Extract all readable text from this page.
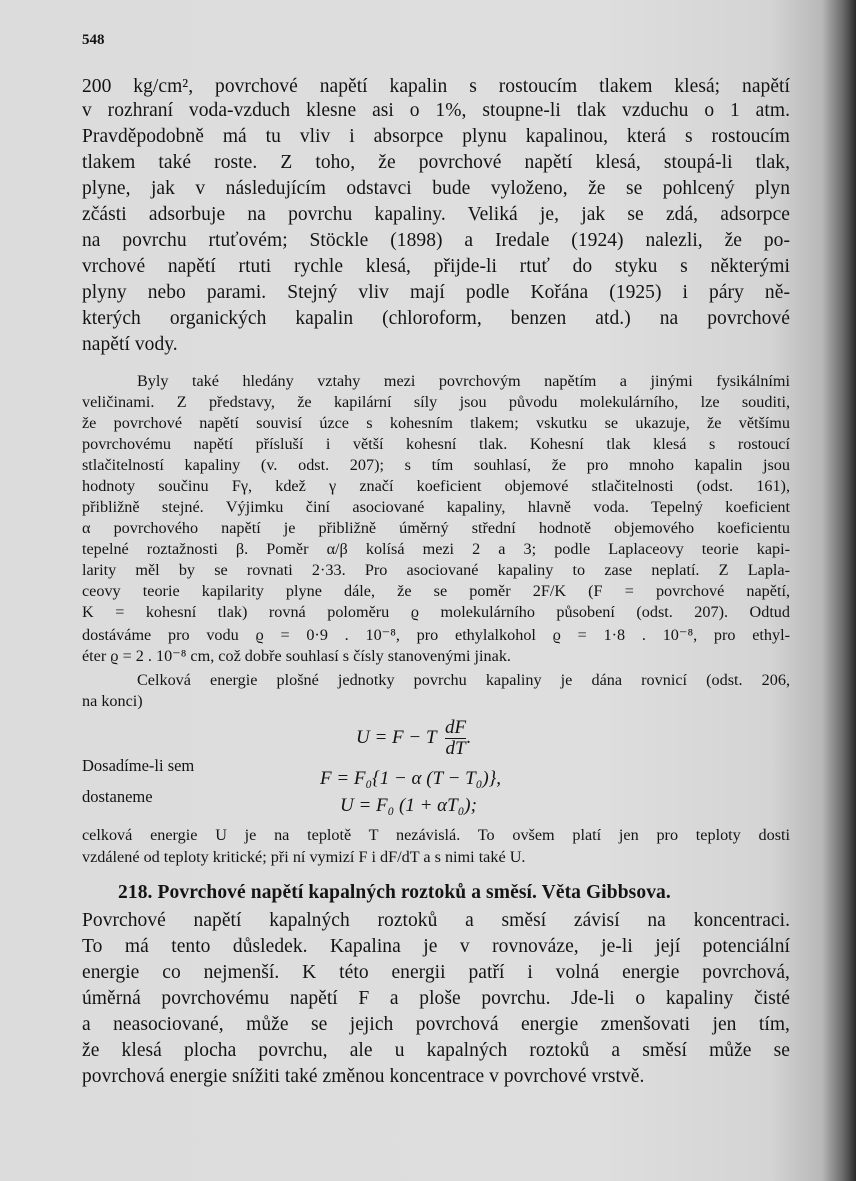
548
200 kg/cm², povrchové napětí kapalin s rostoucím tlakem klesá; napětí
v rozhraní voda-vzduch klesne asi o 1%, stoupne-li tlak vzduchu o 1 atm.
Pravděpodobně má tu vliv i absorpce plynu kapalinou, která s rostoucím
tlakem také roste. Z toho, že povrchové napětí klesá, stoupá-li tlak,
plyne, jak v následujícím odstavci bude vyloženo, že se pohlcený plyn
zčásti adsorbuje na povrchu kapaliny. Veliká je, jak se zdá, adsorpce
na povrchu rtuťovém; Stöckle (1898) a Iredale (1924) nalezli, že po-
vrchové napětí rtuti rychle klesá, přijde-li rtuť do styku s některými
plyny nebo parami. Stejný vliv mají podle Kořána (1925) i páry ně-
kterých organických kapalin (chloroform, benzen atd.) na povrchové
napětí vody.
Byly také hledány vztahy mezi povrchovým napětím a jinými fysikálními
veličinami. Z představy, že kapilární síly jsou původu molekulárního, lze souditi,
že povrchové napětí souvisí úzce s kohesním tlakem; vskutku se ukazuje, že většímu
povrchovému napětí přísluší i větší kohesní tlak. Kohesní tlak klesá s rostoucí
stlačitelností kapaliny (v. odst. 207); s tím souhlasí, že pro mnoho kapalin jsou
hodnoty součinu Fγ, kdež γ značí koeficient objemové stlačitelnosti (odst. 161),
přibližně stejné. Výjimku činí asociované kapaliny, hlavně voda. Tepelný koeficient
α povrchového napětí je přibližně úměrný střední hodnotě objemového koeficientu
tepelné roztažnosti β. Poměr α/β kolísá mezi 2 a 3; podle Laplaceovy teorie kapi-
larity měl by se rovnati 2·33. Pro asociované kapaliny to zase neplatí. Z Lapla-
ceovy teorie kapilarity plyne dále, že se poměr 2F/K (F = povrchové napětí,
K = kohesní tlak) rovná poloměru ϱ molekulárního působení (odst. 207). Odtud
dostáváme pro vodu ϱ = 0·9 . 10⁻⁸, pro ethylalkohol ϱ = 1·8 . 10⁻⁸, pro ethyl-
éter ϱ = 2 . 10⁻⁸ cm, což dobře souhlasí s čísly stanovenými jinak.
Celková energie plošné jednotky povrchu kapaliny je dána rovnicí (odst. 206,
na konci)
U = F − T $\frac{dF}{dT}$ .
Dosadíme-li sem
F = F₀{1 − α (T − T₀)},
dostaneme	U = F₀ (1 + αT₀);
celková energie U je na teplotě T nezávislá. To ovšem platí jen pro teploty dosti
vzdálené od teploty kritické; při ní vymizí F i dF/dT a s nimi také U.
218. Povrchové napětí kapalných roztoků a směsí. Věta Gibbsova.
Povrchové napětí kapalných roztoků a směsí závisí na koncentraci.
To má tento důsledek. Kapalina je v rovnováze, je-li její potenciální
energie co nejmenší. K této energii patří i volná energie povrchová,
úměrná povrchovému napětí F a ploše povrchu. Jde-li o kapaliny čisté
a neasociované, může se jejich povrchová energie zmenšovati jen tím,
že klesá plocha povrchu, ale u kapalných roztoků a směsí může se
povrchová energie snížiti také změnou koncentrace v povrchové vrstvě.
